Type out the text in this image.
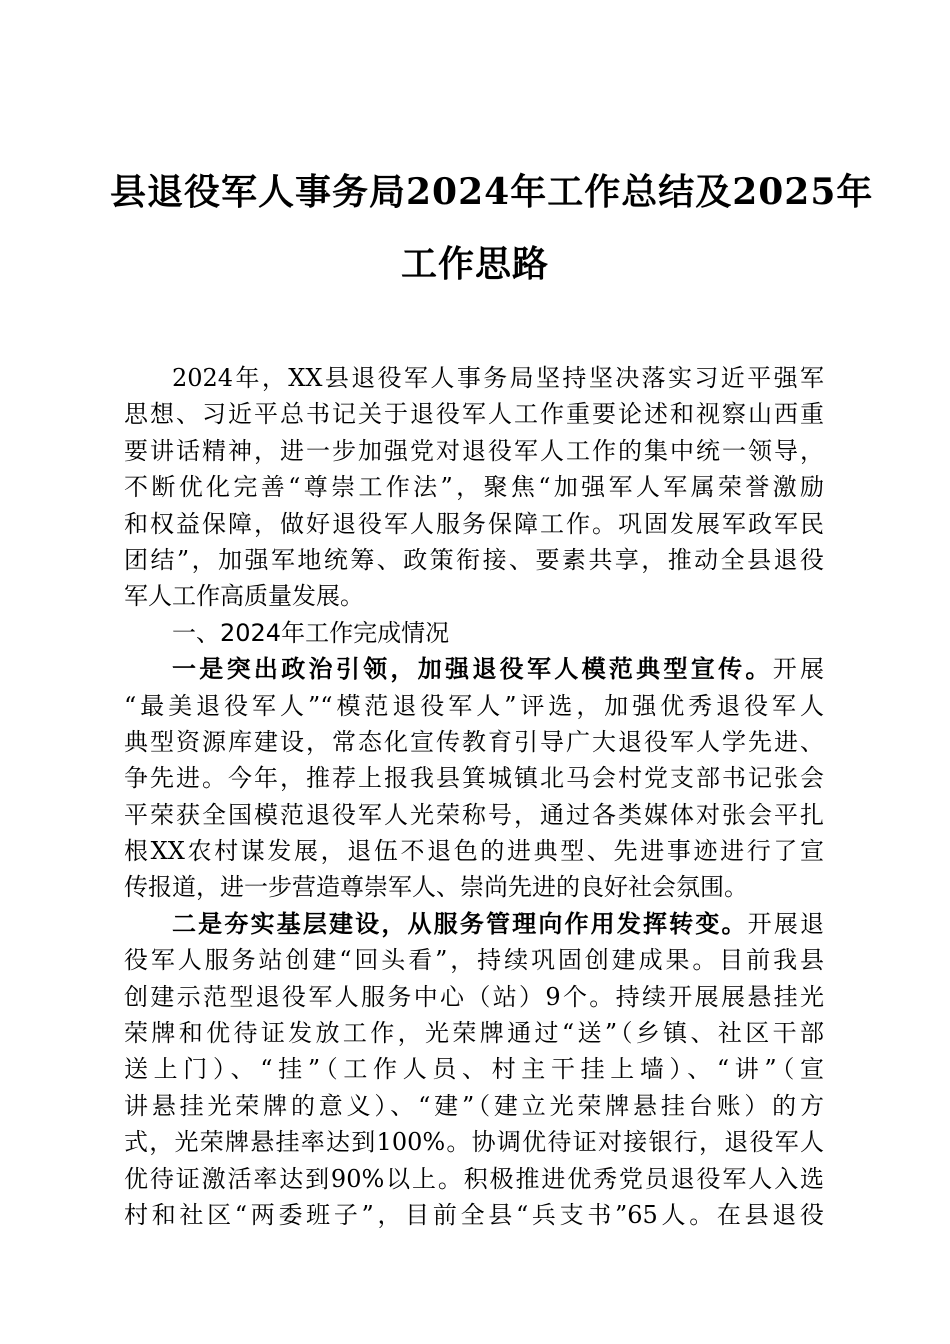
县退役军人事务局2024年工作总结及2025年
工作思路
2024年，XX县退役军人事务局坚持坚决落实习近平强军
思想、习近平总书记关于退役军人工作重要论述和视察山西重
要讲话精神，进一步加强党对退役军人工作的集中统一领导，
不断优化完善“尊崇工作法”，聚焦“加强军人军属荣誉激励
和权益保障，做好退役军人服务保障工作。巩固发展军政军民
团结”，加强军地统筹、政策衔接、要素共享，推动全县退役
军人工作高质量发展。
一、2024年工作完成情况
一是突出政治引领，加强退役军人模范典型宣传。开展
“最美退役军人”“模范退役军人”评选，加强优秀退役军人
典型资源库建设，常态化宣传教育引导广大退役军人学先进、
争先进。今年，推荐上报我县箕城镇北马会村党支部书记张会
平荣获全国模范退役军人光荣称号，通过各类媒体对张会平扎
根XX农村谋发展，退伍不退色的进典型、先进事迹进行了宣
传报道，进一步营造尊崇军人、崇尚先进的良好社会氛围。
二是夯实基层建设，从服务管理向作用发挥转变。开展退
役军人服务站创建“回头看”，持续巩固创建成果。目前我县
创建示范型退役军人服务中心（站）9个。持续开展展悬挂光
荣牌和优待证发放工作，光荣牌通过“送”（乡镇、社区干部
送上门）、“挂”（工作人员、村主干挂上墙）、“讲”（宣
讲悬挂光荣牌的意义）、“建”（建立光荣牌悬挂台账）的方
式，光荣牌悬挂率达到100%。协调优待证对接银行，退役军人
优待证激活率达到90%以上。积极推进优秀党员退役军人入选
村和社区“两委班子”，目前全县“兵支书”65人。在县退役
